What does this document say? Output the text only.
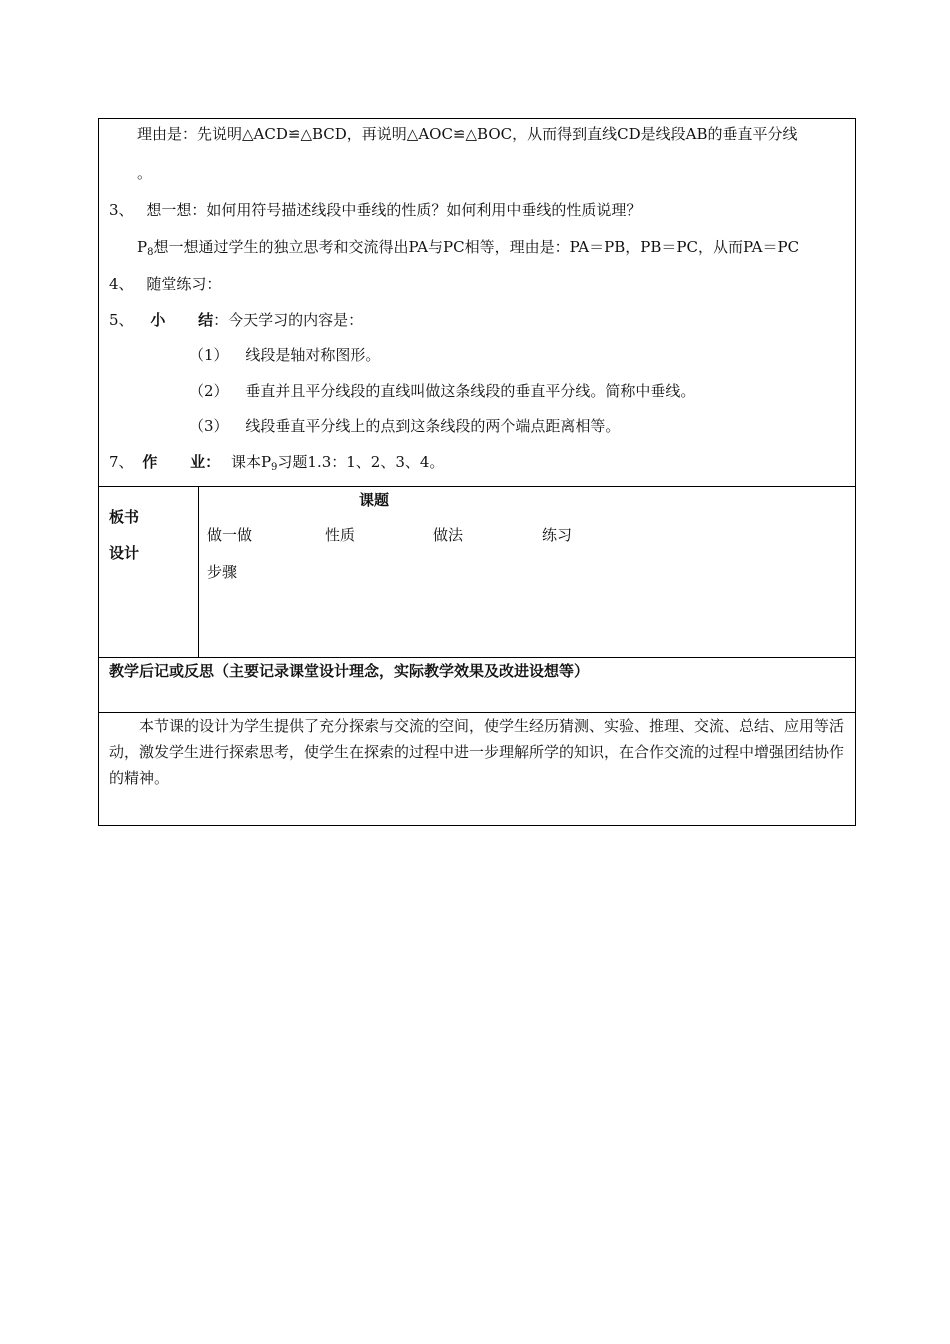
理由是：先说明△ACD≌△BCD，再说明△AOC≌△BOC，从而得到直线CD是线段AB的垂直平分线
。
3、 想一想：如何用符号描述线段中垂线的性质？如何利用中垂线的性质说理？
$P_8$想一想通过学生的独立思考和交流得出PA与PC相等，理由是：PA＝PB，PB＝PC，从而PA＝PC
4、 随堂练习：
5、 小 结：今天学习的内容是：
（1） 线段是轴对称图形。
（2） 垂直并且平分线段的直线叫做这条线段的垂直平分线。简称中垂线。
（3） 线段垂直平分线上的点到这条线段的两个端点距离相等。
7、 作 业： 课本$P_9$习题1.3：1、2、3、4。
板书
设计
课题
做一做	性质	做法	练习
步骤
教学后记或反思（主要记录课堂设计理念，实际教学效果及改进设想等）
本节课的设计为学生提供了充分探索与交流的空间，使学生经历猜测、实验、推理、交流、总结、应用等活动，激发学生进行探索思考，使学生在探索的过程中进一步理解所学的知识，在合作交流的过程中增强团结协作的精神。
